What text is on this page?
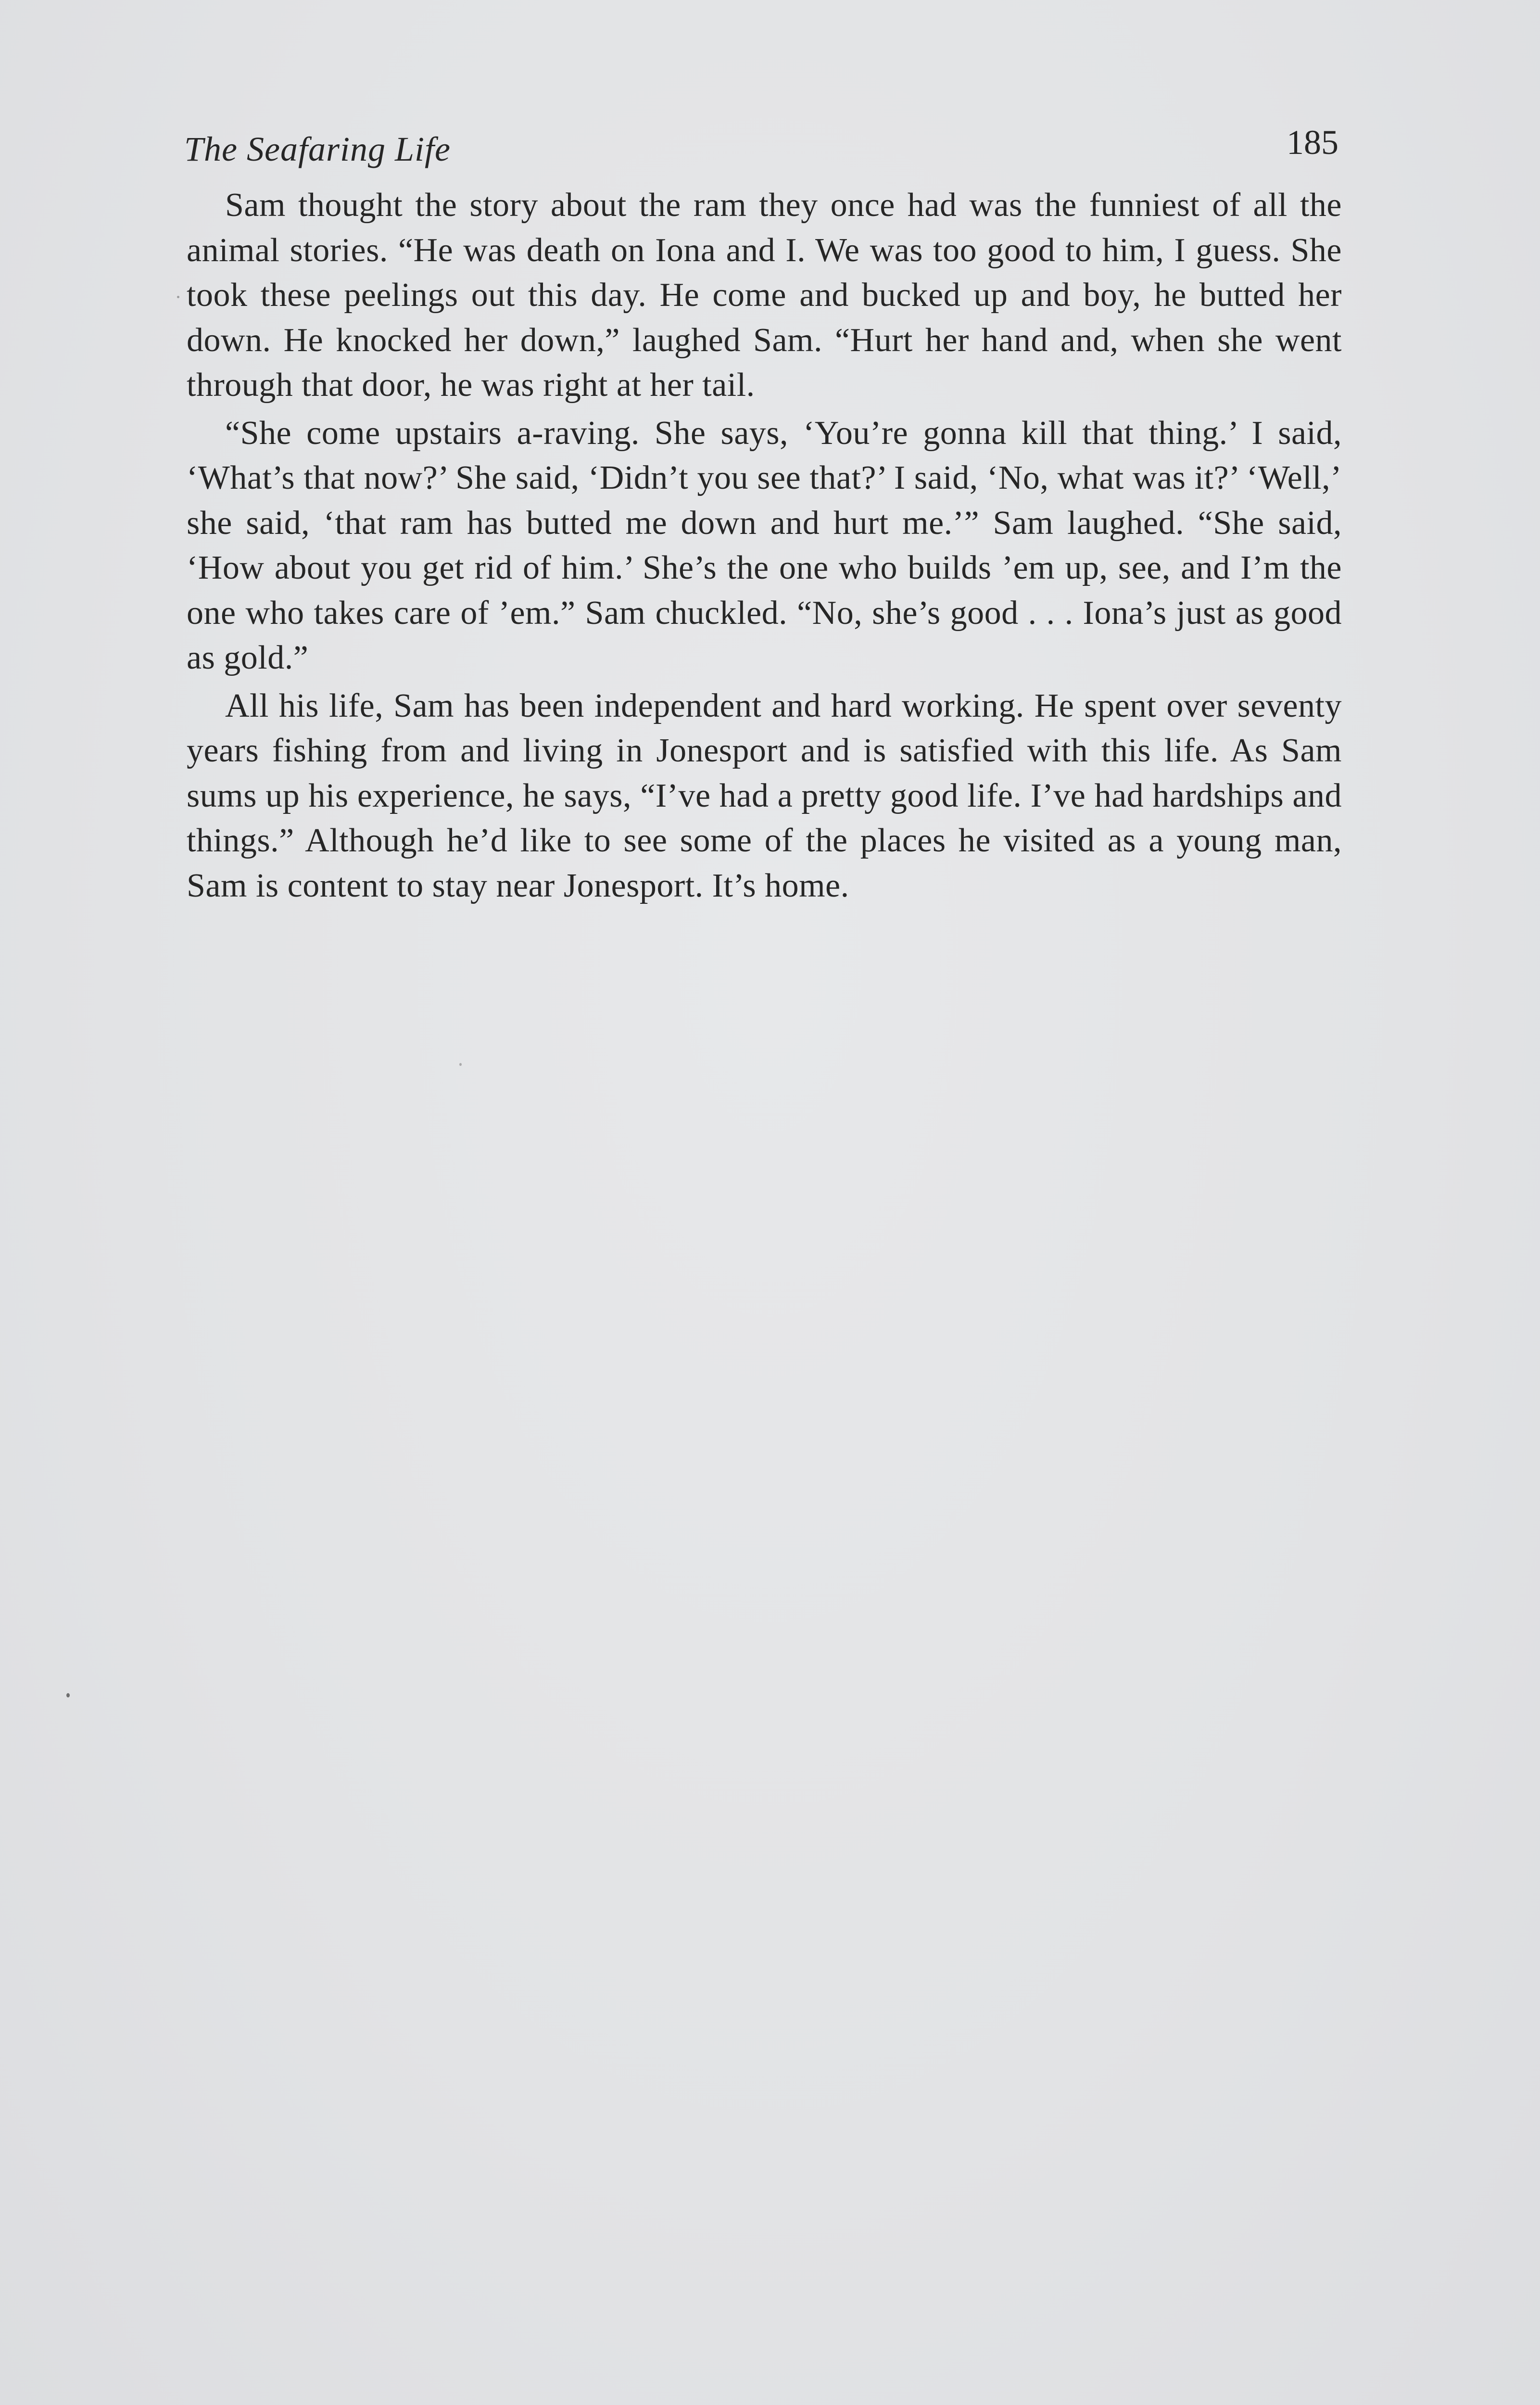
The Seafaring Life	185

Sam thought the story about the ram they once had was the funniest of all the animal stories. “He was death on Iona and I. We was too good to him, I guess. She took these peelings out this day. He come and bucked up and boy, he butted her down. He knocked her down,” laughed Sam. “Hurt her hand and, when she went through that door, he was right at her tail.

“She come upstairs a-raving. She says, ‘You’re gonna kill that thing.’ I said, ‘What’s that now?’ She said, ‘Didn’t you see that?’ I said, ‘No, what was it?’ ‘Well,’ she said, ‘that ram has butted me down and hurt me.’” Sam laughed. “She said, ‘How about you get rid of him.’ She’s the one who builds ’em up, see, and I’m the one who takes care of ’em.” Sam chuckled. “No, she’s good . . . Iona’s just as good as gold.”

All his life, Sam has been independent and hard working. He spent over seventy years fishing from and living in Jonesport and is satisfied with this life. As Sam sums up his experience, he says, “I’ve had a pretty good life. I’ve had hardships and things.” Although he’d like to see some of the places he visited as a young man, Sam is content to stay near Jonesport. It’s home.
